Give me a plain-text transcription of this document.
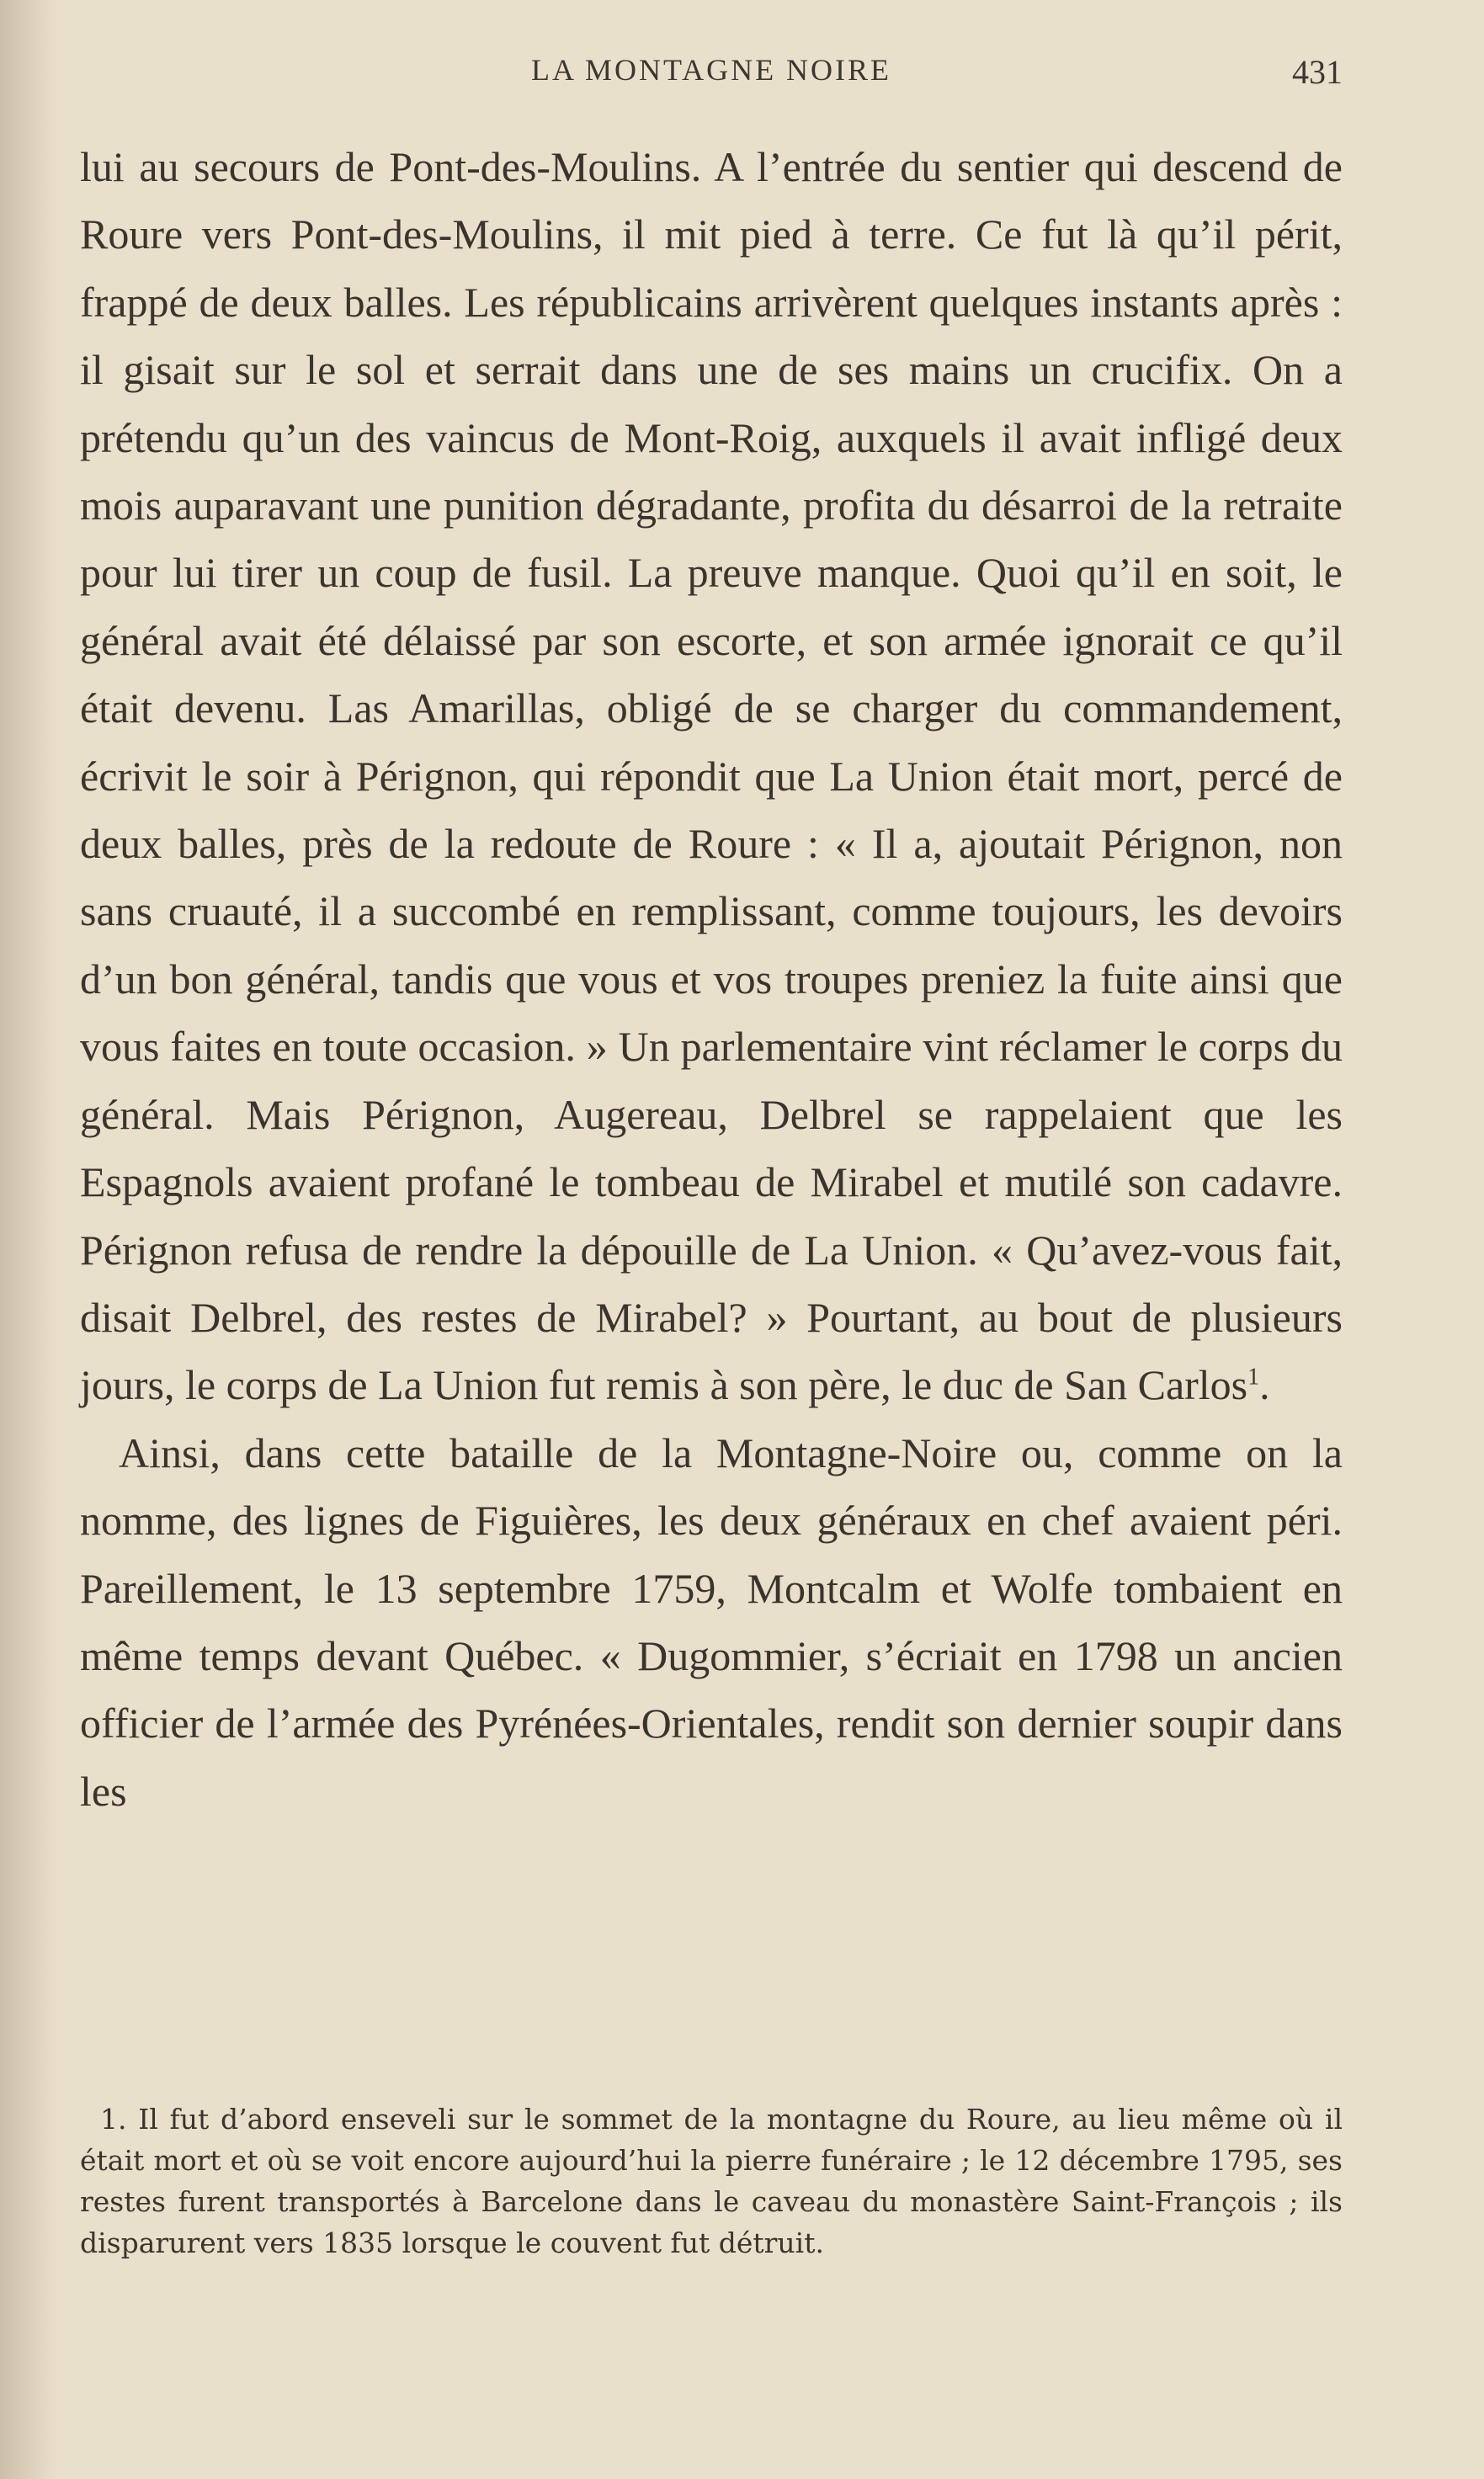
LA MONTAGNE NOIRE	431

lui au secours de Pont-des-Moulins. A l’entrée du sentier qui descend de Roure vers Pont-des-Moulins, il mit pied à terre. Ce fut là qu’il périt, frappé de deux balles. Les républicains arrivèrent quelques instants après : il gisait sur le sol et serrait dans une de ses mains un crucifix. On a prétendu qu’un des vaincus de Mont-Roig, auxquels il avait infligé deux mois auparavant une punition dégradante, profita du désarroi de la retraite pour lui tirer un coup de fusil. La preuve manque. Quoi qu’il en soit, le général avait été délaissé par son escorte, et son armée ignorait ce qu’il était devenu. Las Amarillas, obligé de se charger du commandement, écrivit le soir à Pérignon, qui répondit que La Union était mort, percé de deux balles, près de la redoute de Roure : « Il a, ajoutait Pérignon, non sans cruauté, il a succombé en remplissant, comme toujours, les devoirs d’un bon général, tandis que vous et vos troupes preniez la fuite ainsi que vous faites en toute occasion. » Un parlementaire vint réclamer le corps du général. Mais Pérignon, Augereau, Delbrel se rappelaient que les Espagnols avaient profané le tombeau de Mirabel et mutilé son cadavre. Pérignon refusa de rendre la dépouille de La Union. « Qu’avez-vous fait, disait Delbrel, des restes de Mirabel? » Pourtant, au bout de plusieurs jours, le corps de La Union fut remis à son père, le duc de San Carlos$^1$.

Ainsi, dans cette bataille de la Montagne-Noire ou, comme on la nomme, des lignes de Figuières, les deux généraux en chef avaient péri. Pareillement, le 13 septembre 1759, Montcalm et Wolfe tombaient en même temps devant Québec. « Dugommier, s’écriait en 1798 un ancien officier de l’armée des Pyrénées-Orientales, rendit son dernier soupir dans les

1. Il fut d’abord enseveli sur le sommet de la montagne du Roure, au lieu même où il était mort et où se voit encore aujourd’hui la pierre funéraire ; le 12 décembre 1795, ses restes furent transportés à Barcelone dans le caveau du monastère Saint-François ; ils disparurent vers 1835 lorsque le couvent fut détruit.
